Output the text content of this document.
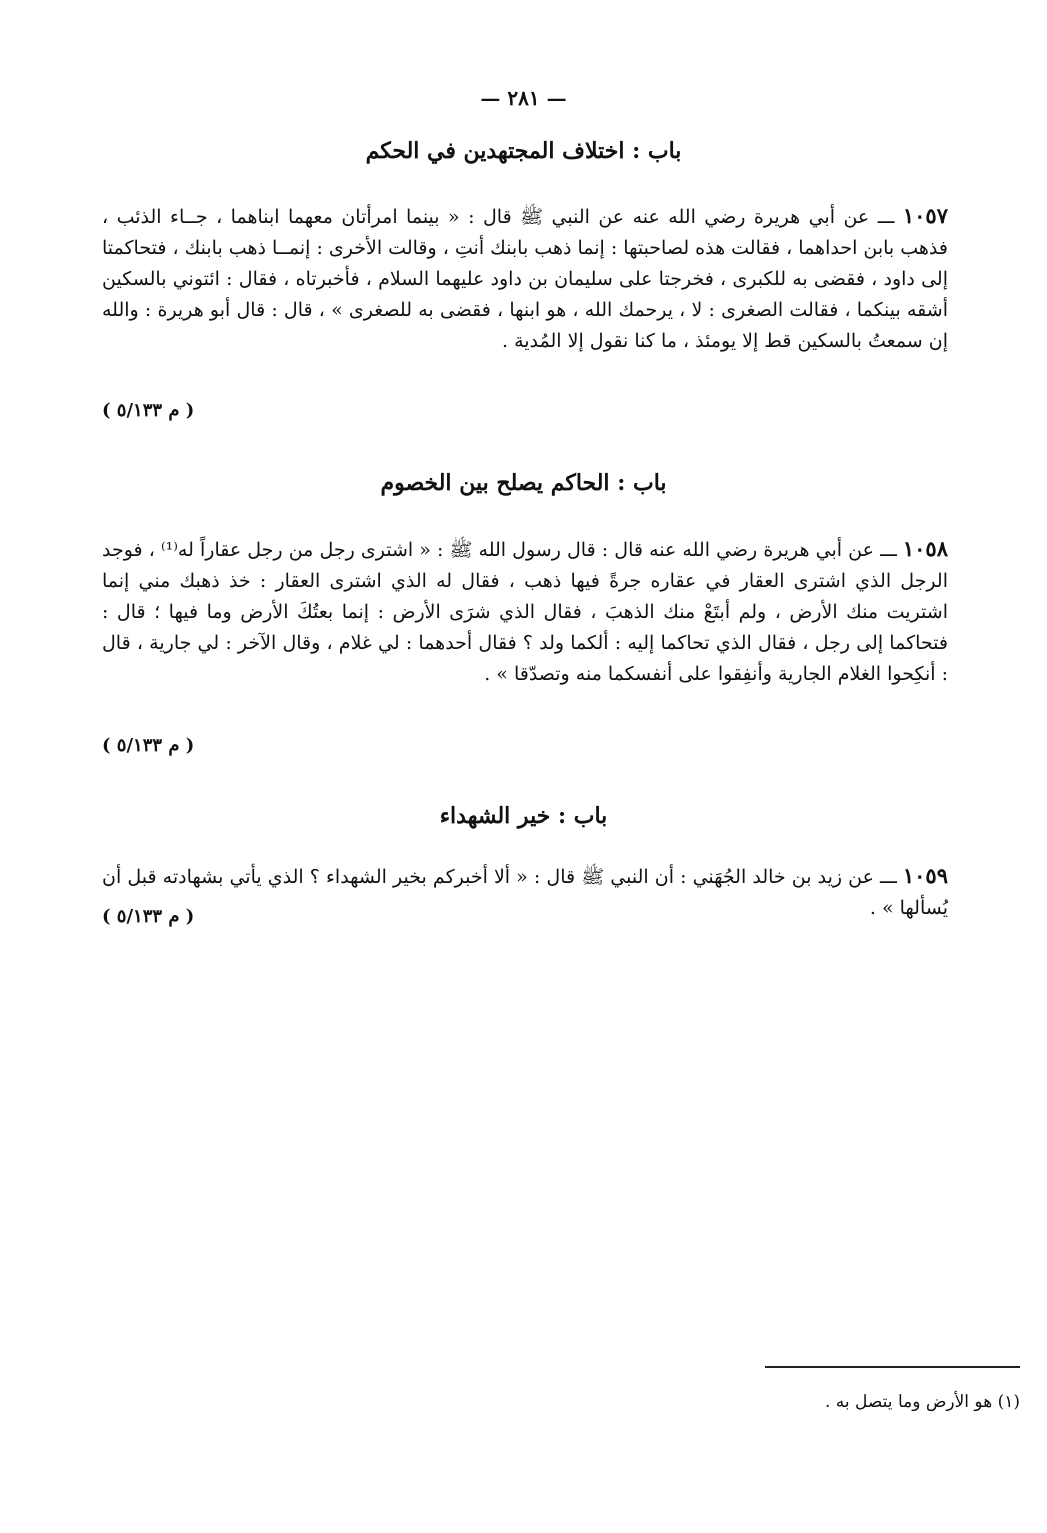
— ٢٨١ —
باب : اختلاف المجتهدين في الحكم
١٠٥٧ ـــ عن أبي هريرة رضي الله عنه عن النبي ﷺ قال : « بينما امرأتان معهما ابناهما ، جــاء الذئب ، فذهب بابن احداهما ، فقالت هذه لصاحبتها : إنما ذهب بابنك أنتِ ، وقالت الأخرى : إنمــا ذهب بابنك ، فتحاكمتا إلى داود ، فقضى به للكبرى ، فخرجتا على سليمان بن داود عليهما السلام ، فأخبرتاه ، فقال : ائتوني بالسكين أشقه بينكما ، فقالت الصغرى : لا ، يرحمك الله ، هو ابنها ، فقضى به للصغرى » ، قال : قال أبو هريرة : والله إن سمعتُ بالسكين قط إلا يومئذ ، ما كنا نقول إلا المُدية .
( م ٥/١٣٣ )
باب : الحاكم يصلح بين الخصوم
١٠٥٨ ـــ عن أبي هريرة رضي الله عنه قال : قال رسول الله ﷺ : « اشترى رجل من رجل عقاراً له⁽¹⁾ ، فوجد الرجل الذي اشترى العقار في عقاره جرةً فيها ذهب ، فقال له الذي اشترى العقار : خذ ذهبك مني إنما اشتريت منك الأرض ، ولم أبتَعْ منك الذهبَ ، فقال الذي شرَى الأرض : إنما بعتُكَ الأرض وما فيها ؛ قال : فتحاكما إلى رجل ، فقال الذي تحاكما إليه : ألكما ولد ؟ فقال أحدهما : لي غلام ، وقال الآخر : لي جارية ، قال : أنكِحوا الغلام الجارية وأنفِقوا على أنفسكما منه وتصدّقا » .
( م ٥/١٣٣ )
باب : خير الشهداء
١٠٥٩ ـــ عن زيد بن خالد الجُهَني : أن النبي ﷺ قال : « ألا أخبركم بخير الشهداء ؟ الذي يأتي بشهادته قبل أن يُسألها » .
( م ٥/١٣٣ )
(١) هو الأرض وما يتصل به .
